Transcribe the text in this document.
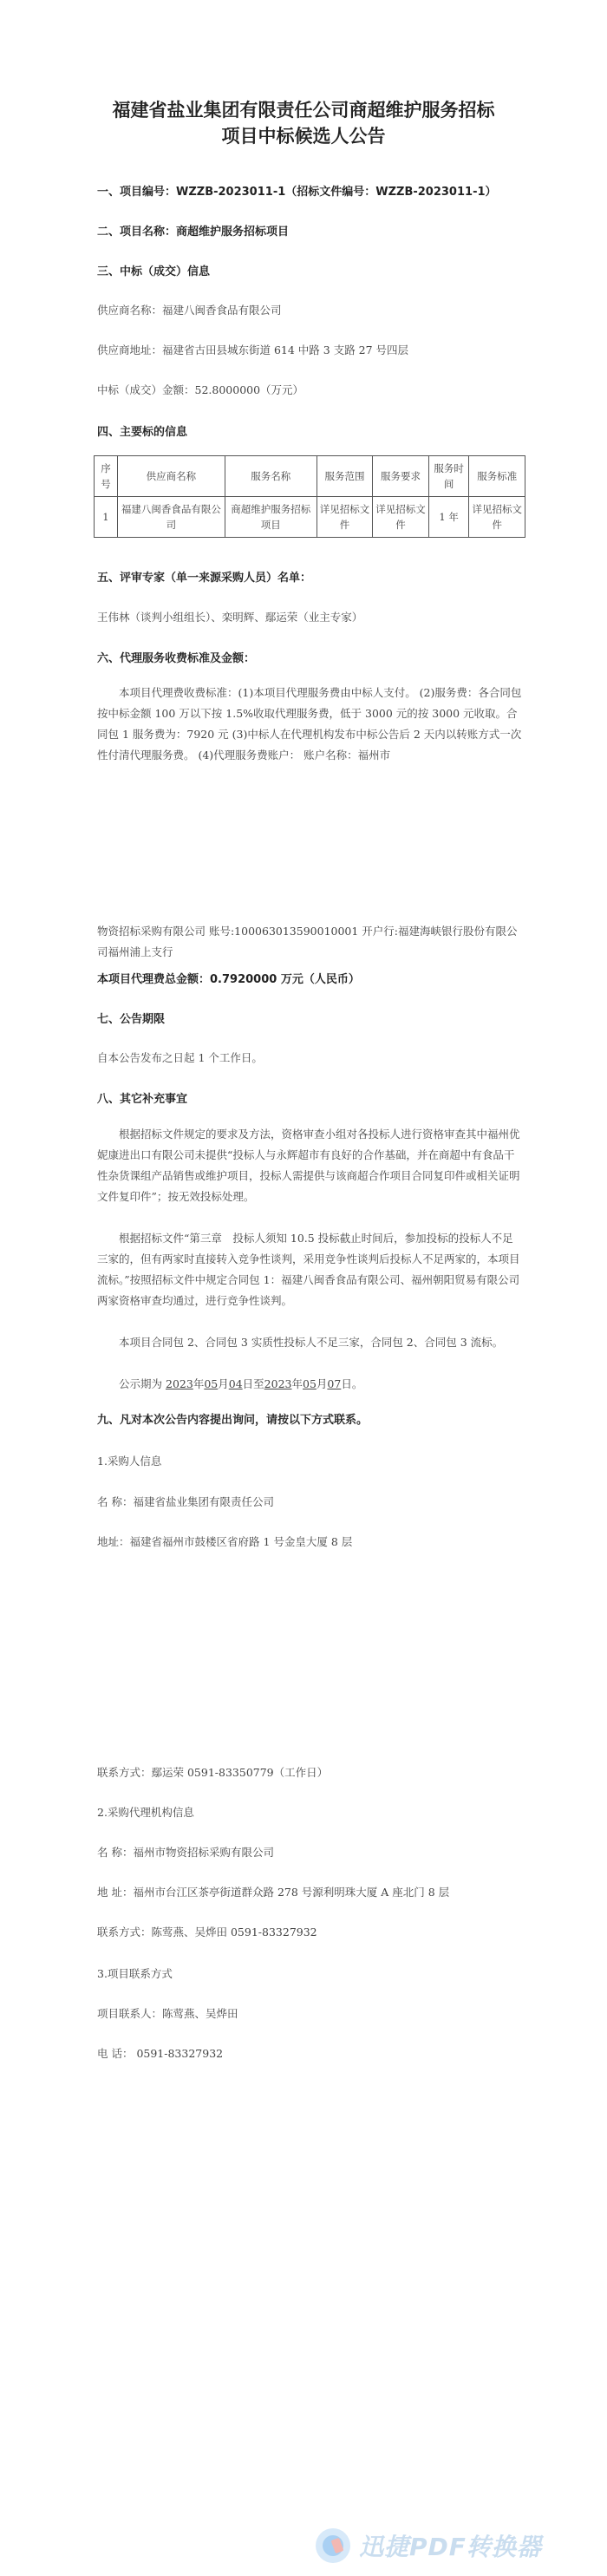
福建省盐业集团有限责任公司商超维护服务招标
项目中标候选人公告
一、项目编号：WZZB-2023011-1（招标文件编号：WZZB-2023011-1）
二、项目名称：商超维护服务招标项目
三、中标（成交）信息
供应商名称：福建八闽香食品有限公司
供应商地址：福建省古田县城东街道 614 中路 3 支路 27 号四层
中标（成交）金额：52.8000000（万元）
四、主要标的信息
序号	供应商名称	服务名称	服务范围	服务要求	服务时间	服务标准
1	福建八闽香食品有限公司	商超维护服务招标项目	详见招标文件	详见招标文件	1 年	详见招标文件
五、评审专家（单一来源采购人员）名单：
王伟林（谈判小组组长）、栾明辉、鄢运荣（业主专家）
六、代理服务收费标准及金额：
本项目代理费收费标准：(1)本项目代理服务费由中标人支付。 (2)服务费：各合同包按中标金额 100 万以下按 1.5%收取代理服务费，低于 3000 元的按 3000 元收取。合同包 1 服务费为：7920 元 (3)中标人在代理机构发布中标公告后 2 天内以转账方式一次性付清代理服务费。 (4)代理服务费账户： 账户名称：福州市
物资招标采购有限公司 账号:100063013590010001 开户行:福建海峡银行股份有限公司福州浦上支行
本项目代理费总金额：0.7920000 万元（人民币）
七、公告期限
自本公告发布之日起 1 个工作日。
八、其它补充事宜
根据招标文件规定的要求及方法，资格审查小组对各投标人进行资格审查其中福州优妮康进出口有限公司未提供“投标人与永辉超市有良好的合作基础，并在商超中有食品干性杂货课组产品销售或维护项目，投标人需提供与该商超合作项目合同复印件或相关证明文件复印件”；按无效投标处理。
根据招标文件“第三章　投标人须知 10.5 投标截止时间后，参加投标的投标人不足三家的，但有两家时直接转入竞争性谈判，采用竞争性谈判后投标人不足两家的，本项目流标。”按照招标文件中规定合同包 1：福建八闽香食品有限公司、福州朝阳贸易有限公司两家资格审查均通过，进行竞争性谈判。
本项目合同包 2、合同包 3 实质性投标人不足三家，合同包 2、合同包 3 流标。
公示期为 2023年05月04日至2023年05月07日。
九、凡对本次公告内容提出询问，请按以下方式联系。
1.采购人信息
名 称：福建省盐业集团有限责任公司
地址：福建省福州市鼓楼区省府路 1 号金皇大厦 8 层
联系方式：鄢运荣 0591-83350779（工作日）
2.采购代理机构信息
名 称：福州市物资招标采购有限公司
地 址：福州市台江区茶亭街道群众路 278 号源利明珠大厦 A 座北门 8 层
联系方式：陈莺燕、吴烨田 0591-83327932
3.项目联系方式
项目联系人：陈莺燕、吴烨田
电 话： 0591-83327932
迅捷PDF转换器
